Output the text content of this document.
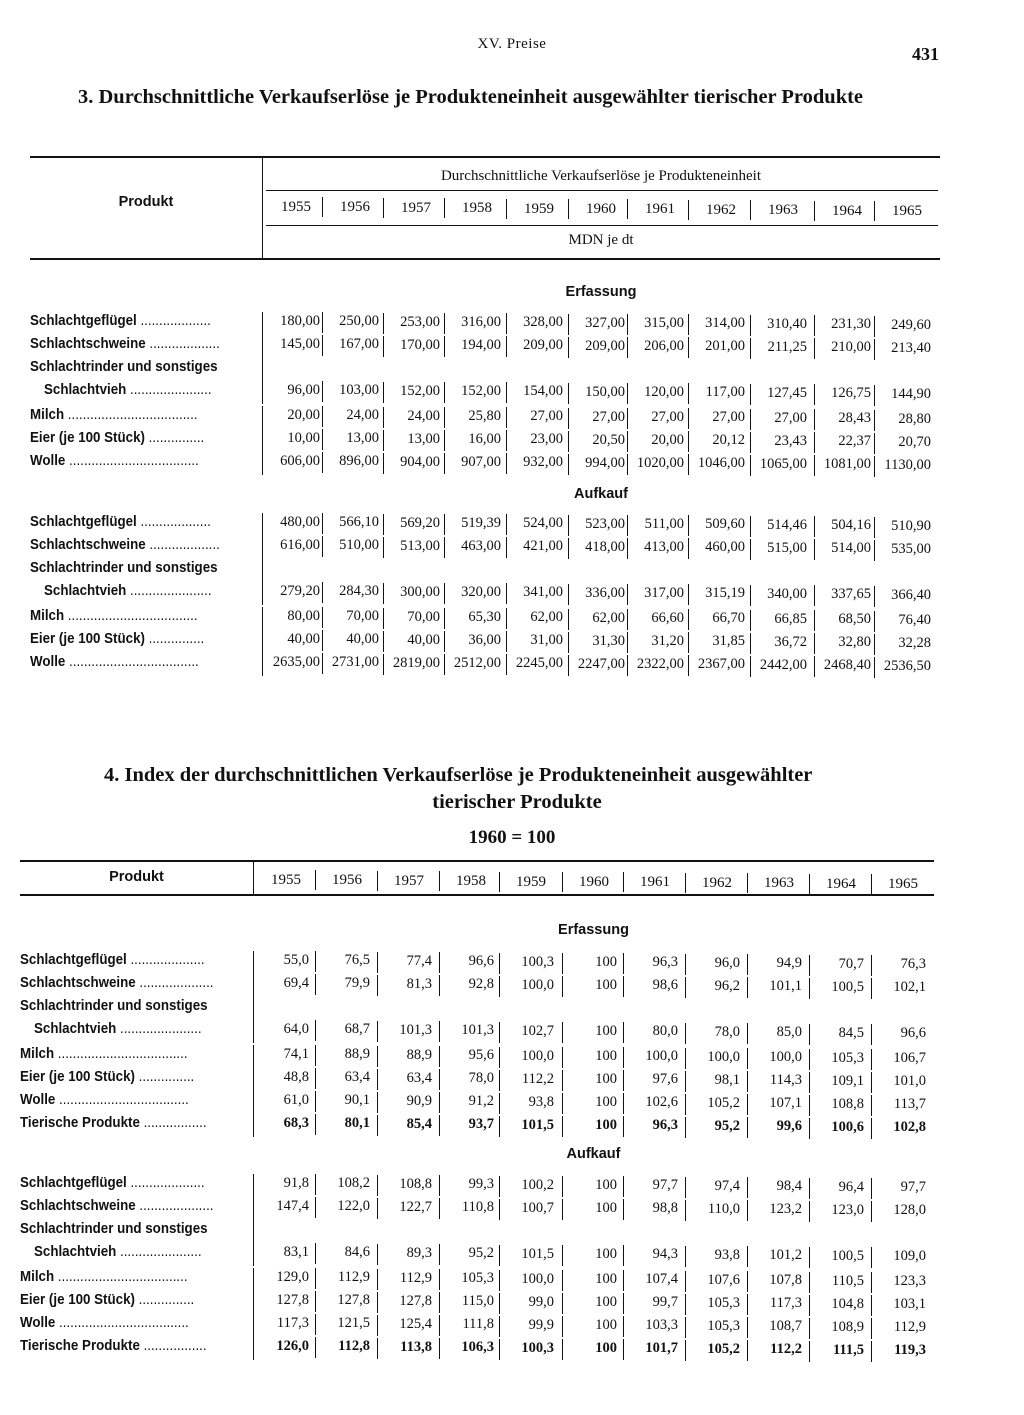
XV. Preise	431
3. Durchschnittliche Verkaufserlöse je Produkteneinheit ausgewählter tierischer Produkte
4. Index der durchschnittlichen Verkaufserlöse je Produkteneinheit ausgewählter
tierischer Produkte
1960 = 100
Produkt
Durchschnittliche Verkaufserlöse je Produkteneinheit
MDN je dt
1955	1956	1957	1958	1959	1960	1961	1962	1963	1964	1965
Erfassung
Schlachtgeflügel ...................	180,00	250,00	253,00	316,00	328,00	327,00	315,00	314,00	310,40	231,30	249,60
Schlachtschweine ...................	145,00	167,00	170,00	194,00	209,00	209,00	206,00	201,00	211,25	210,00	213,40
Schlachtrinder und sonstiges
Schlachtvieh ......................	96,00	103,00	152,00	152,00	154,00	150,00	120,00	117,00	127,45	126,75	144,90
Milch ...................................	20,00	24,00	24,00	25,80	27,00	27,00	27,00	27,00	27,00	28,43	28,80
Eier (je 100 Stück) ...............	10,00	13,00	13,00	16,00	23,00	20,50	20,00	20,12	23,43	22,37	20,70
Wolle ...................................	606,00	896,00	904,00	907,00	932,00	994,00 1020,00 1046,00	1065,00	1081,00 1130,00
Aufkauf
Schlachtgeflügel ...................	480,00	566,10	569,20	519,39	524,00	523,00	511,00	509,60	514,46	504,16	510,90
Schlachtschweine ...................	616,00	510,00	513,00	463,00	421,00	418,00	413,00	460,00	515,00	514,00	535,00
Schlachtrinder und sonstiges
Schlachtvieh ......................	279,20	284,30	300,00	320,00	341,00	336,00	317,00	315,19	340,00	337,65	366,40
Milch ...................................	80,00	70,00	70,00	65,30	62,00	62,00	66,60	66,70	66,85	68,50	76,40
Eier (je 100 Stück) ...............	40,00	40,00	40,00	36,00	31,00	31,30	31,20	31,85	36,72	32,80	32,28
Wolle ...................................	2635,00 2731,00 2819,00 2512,00	2245,00	2247,00 2322,00 2367,00	2442,00	2468,40 2536,50
Produkt	1955	1956	1957	1958	1959	1960	1961	1962	1963	1964	1965
Erfassung
Schlachtgeflügel ....................	55,0	76,5	77,4	96,6	100,3	100	96,3	96,0	94,9	70,7	76,3
Schlachtschweine ....................	69,4	79,9	81,3	92,8	100,0	100	98,6	96,2	101,1	100,5	102,1
Schlachtrinder und sonstiges
Schlachtvieh ......................	64,0	68,7	101,3	101,3	102,7	100	80,0	78,0	85,0	84,5	96,6
Milch ...................................	74,1	88,9	88,9	95,6	100,0	100	100,0	100,0	100,0	105,3	106,7
Eier (je 100 Stück) ...............	48,8	63,4	63,4	78,0	112,2	100	97,6	98,1	114,3	109,1	101,0
Wolle ...................................	61,0	90,1	90,9	91,2	93,8	100	102,6	105,2	107,1	108,8	113,7
Tierische Produkte .................	68,3	80,1	85,4	93,7	101,5	100	96,3	95,2	99,6	100,6	102,8
Aufkauf
Schlachtgeflügel ....................	91,8	108,2	108,8	99,3	100,2	100	97,7	97,4	98,4	96,4	97,7
Schlachtschweine ....................	147,4	122,0	122,7	110,8	100,7	100	98,8	110,0	123,2	123,0	128,0
Schlachtrinder und sonstiges
Schlachtvieh ......................	83,1	84,6	89,3	95,2	101,5	100	94,3	93,8	101,2	100,5	109,0
Milch ...................................	129,0	112,9	112,9	105,3	100,0	100	107,4	107,6	107,8	110,5	123,3
Eier (je 100 Stück) ...............	127,8	127,8	127,8	115,0	99,0	100	99,7	105,3	117,3	104,8	103,1
Wolle ...................................	117,3	121,5	125,4	111,8	99,9	100	103,3	105,3	108,7	108,9	112,9
Tierische Produkte .................	126,0	112,8	113,8	106,3	100,3	100	101,7	105,2	112,2	111,5	119,3
